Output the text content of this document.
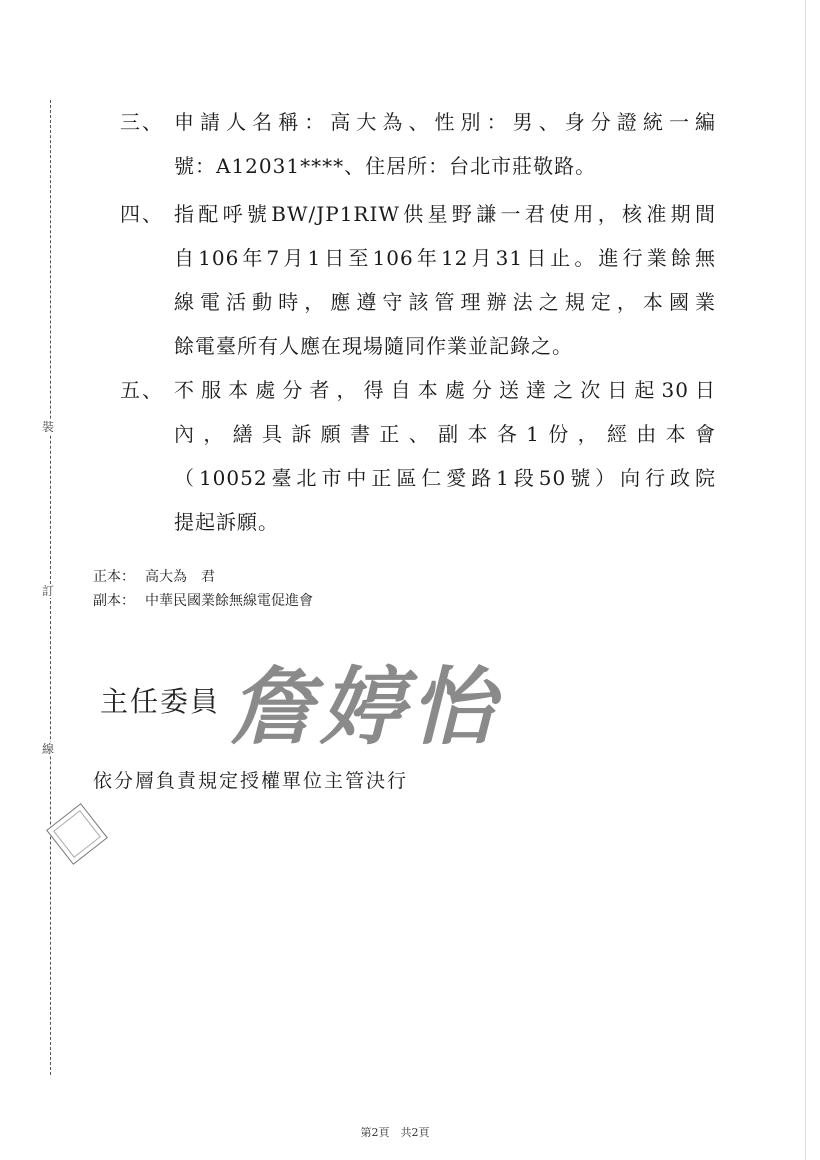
裝
訂
線
三、 申請人名稱：高大為、性別：男、身分證統一編
號：A12031****、住居所：台北市莊敬路。
四、 指配呼號BW/JP1RIW供星野謙一君使用，核准期間
自106年7月1日至106年12月31日止。進行業餘無
線電活動時，應遵守該管理辦法之規定，本國業
餘電臺所有人應在現場隨同作業並記錄之。
五、 不服本處分者，得自本處分送達之次日起30日
內，繕具訴願書正、副本各1份，經由本會
（10052臺北市中正區仁愛路1段50號）向行政院
提起訴願。
正本： 高大為　君
副本： 中華民國業餘無線電促進會
主任委員 詹婷怡
依分層負責規定授權單位主管決行
第2頁  共2頁
